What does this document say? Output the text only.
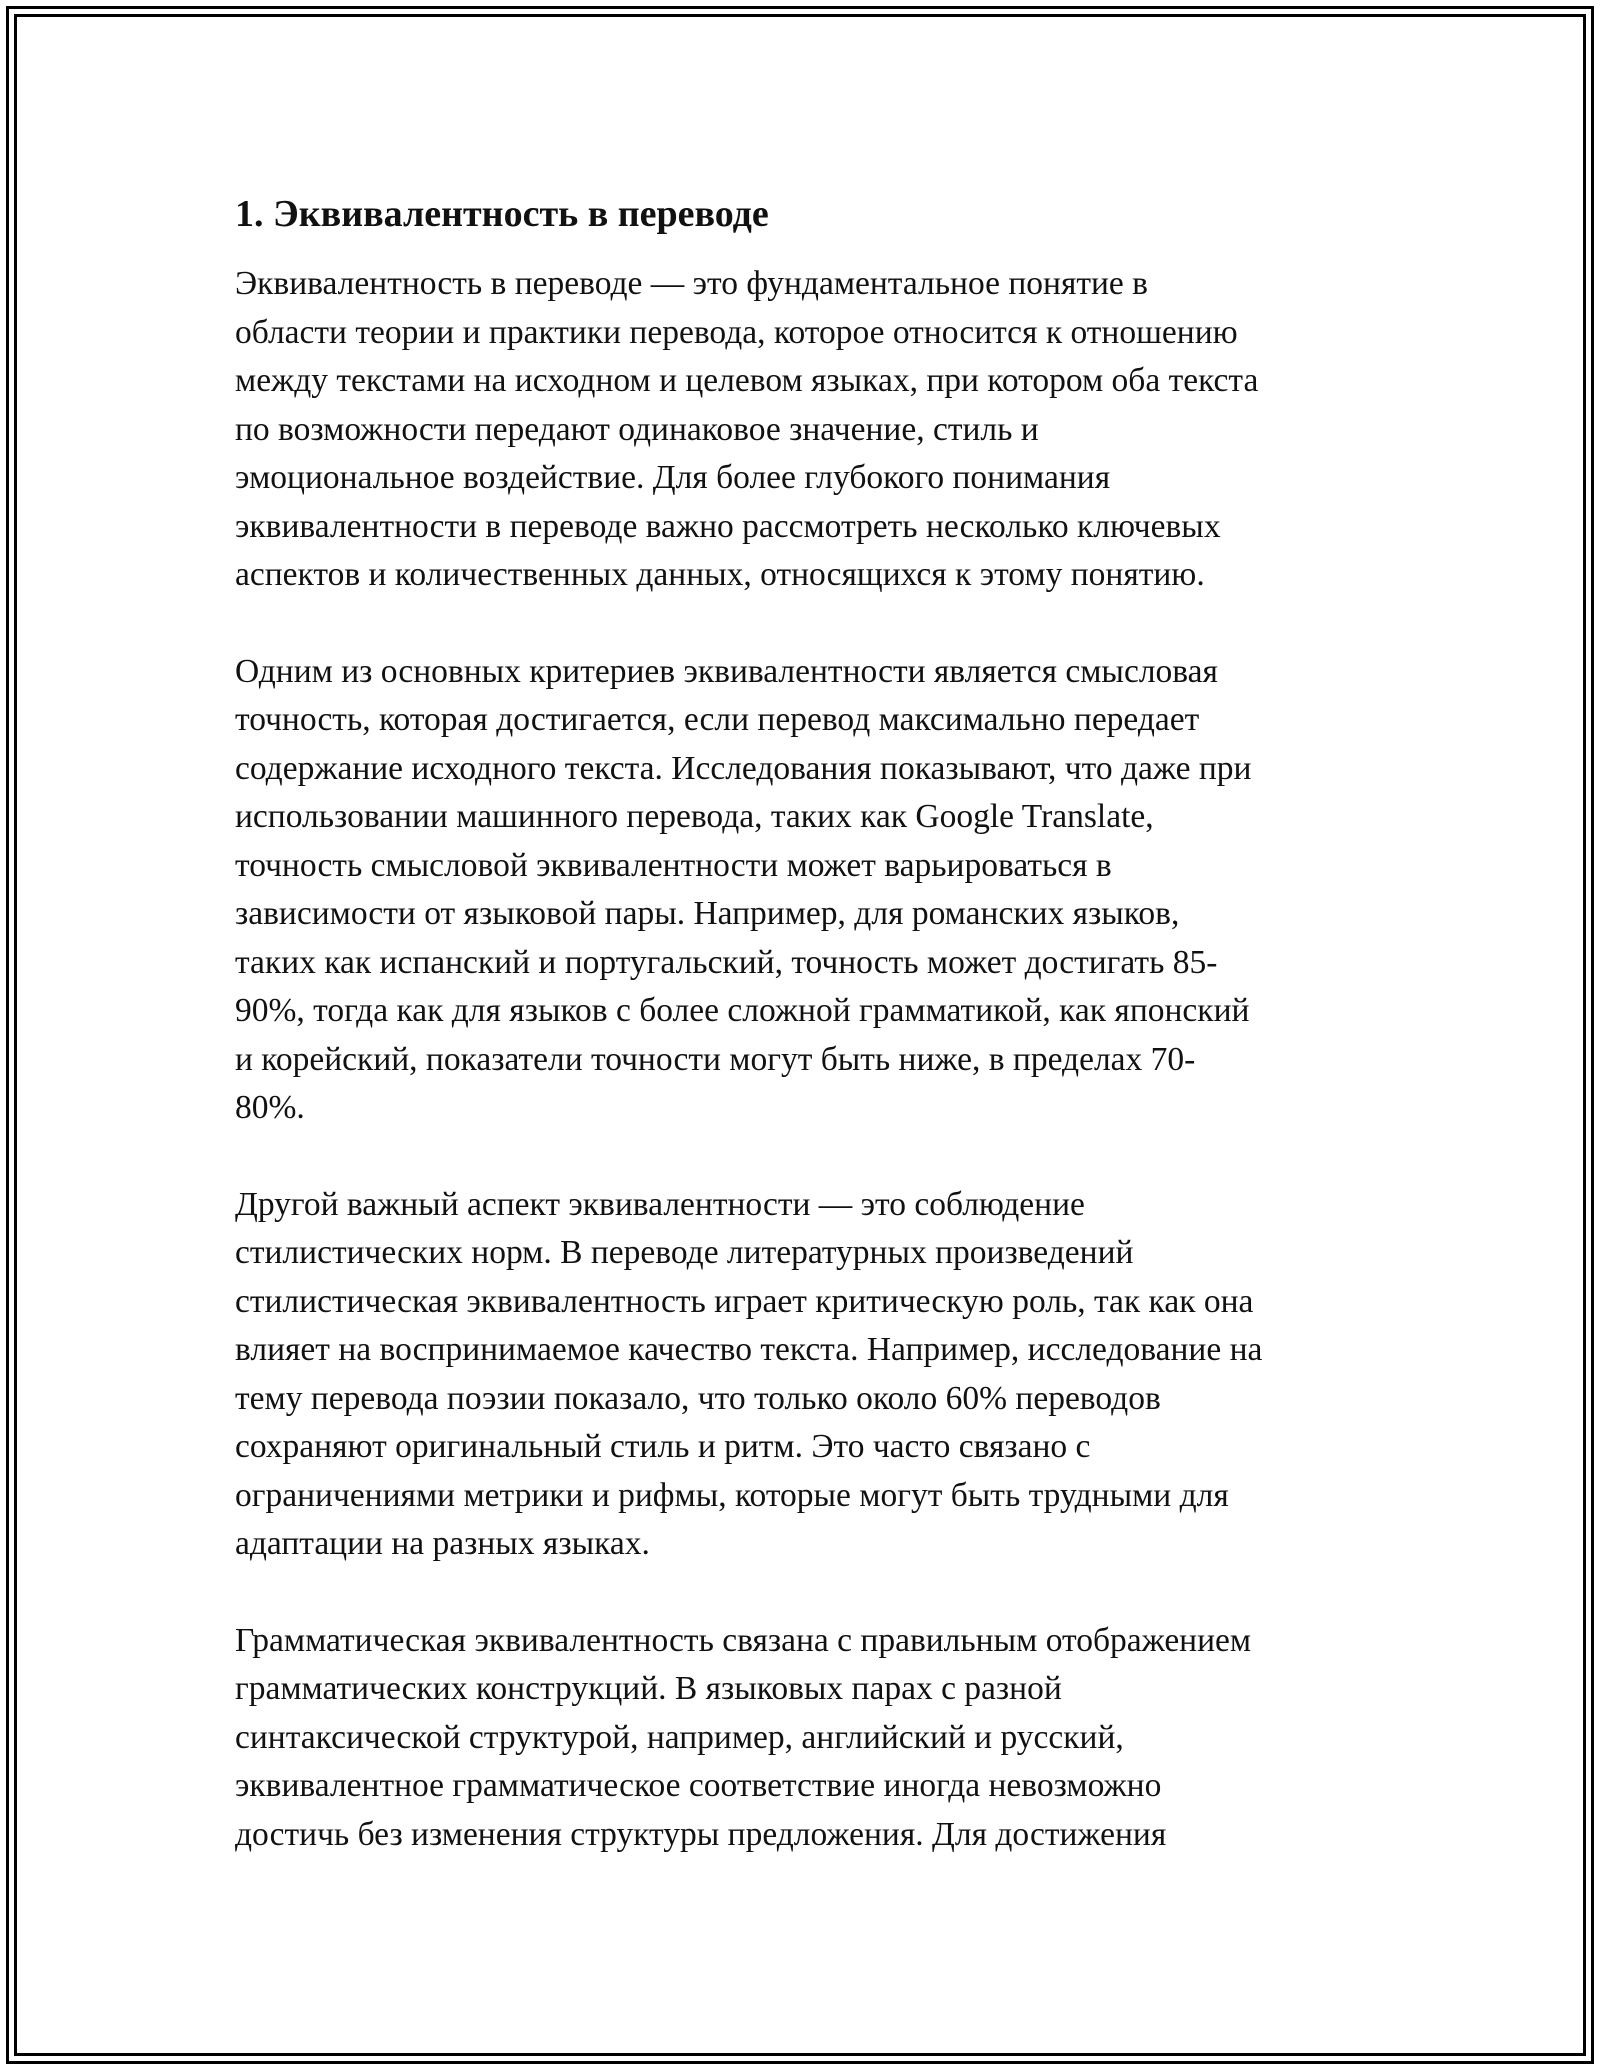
1. Эквивалентность в переводе

Эквивалентность в переводе — это фундаментальное понятие в
области теории и практики перевода, которое относится к отношению
между текстами на исходном и целевом языках, при котором оба текста
по возможности передают одинаковое значение, стиль и
эмоциональное воздействие. Для более глубокого понимания
эквивалентности в переводе важно рассмотреть несколько ключевых
аспектов и количественных данных, относящихся к этому понятию.

Одним из основных критериев эквивалентности является смысловая
точность, которая достигается, если перевод максимально передает
содержание исходного текста. Исследования показывают, что даже при
использовании машинного перевода, таких как Google Translate,
точность смысловой эквивалентности может варьироваться в
зависимости от языковой пары. Например, для романских языков,
таких как испанский и португальский, точность может достигать 85-
90%, тогда как для языков с более сложной грамматикой, как японский
и корейский, показатели точности могут быть ниже, в пределах 70-
80%.

Другой важный аспект эквивалентности — это соблюдение
стилистических норм. В переводе литературных произведений
стилистическая эквивалентность играет критическую роль, так как она
влияет на воспринимаемое качество текста. Например, исследование на
тему перевода поэзии показало, что только около 60% переводов
сохраняют оригинальный стиль и ритм. Это часто связано с
ограничениями метрики и рифмы, которые могут быть трудными для
адаптации на разных языках.

Грамматическая эквивалентность связана с правильным отображением
грамматических конструкций. В языковых парах с разной
синтаксической структурой, например, английский и русский,
эквивалентное грамматическое соответствие иногда невозможно
достичь без изменения структуры предложения. Для достижения
